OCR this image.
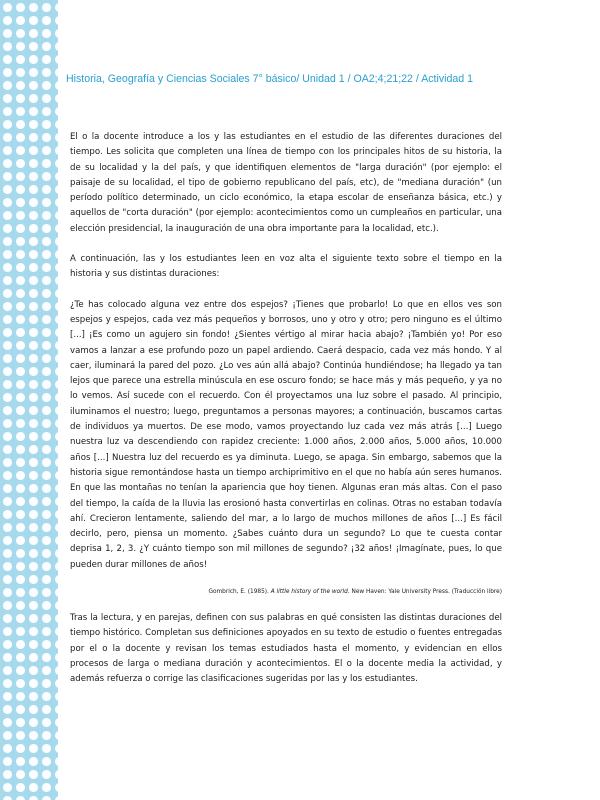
Historia, Geografía y Ciencias Sociales 7° básico/ Unidad 1 / OA2;4;21;22 / Actividad 1

El o la docente introduce a los y las estudiantes en el estudio de las diferentes duraciones del tiempo. Les solicita que completen una línea de tiempo con los principales hitos de su historia, la de su localidad y la del país, y que identifiquen elementos de "larga duración" (por ejemplo: el paisaje de su localidad, el tipo de gobierno republicano del país, etc), de "mediana duración" (un período político determinado, un ciclo económico, la etapa escolar de enseñanza básica, etc.) y aquellos de "corta duración" (por ejemplo: acontecimientos como un cumpleaños en particular, una elección presidencial, la inauguración de una obra importante para la localidad, etc.).

A continuación, las y los estudiantes leen en voz alta el siguiente texto sobre el tiempo en la historia y sus distintas duraciones:

¿Te has colocado alguna vez entre dos espejos? ¡Tienes que probarlo! Lo que en ellos ves son espejos y espejos, cada vez más pequeños y borrosos, uno y otro y otro; pero ninguno es el último [...] ¡Es como un agujero sin fondo! ¿Sientes vértigo al mirar hacia abajo? ¡También yo! Por eso vamos a lanzar a ese profundo pozo un papel ardiendo. Caerá despacio, cada vez más hondo. Y al caer, iluminará la pared del pozo. ¿Lo ves aún allá abajo? Continúa hundiéndose; ha llegado ya tan lejos que parece una estrella minúscula en ese oscuro fondo; se hace más y más pequeño, y ya no lo vemos. Así sucede con el recuerdo. Con él proyectamos una luz sobre el pasado. Al principio, iluminamos el nuestro; luego, preguntamos a personas mayores; a continuación, buscamos cartas de individuos ya muertos. De ese modo, vamos proyectando luz cada vez más atrás [...] Luego nuestra luz va descendiendo con rapidez creciente: 1.000 años, 2.000 años, 5.000 años, 10.000 años [...] Nuestra luz del recuerdo es ya diminuta. Luego, se apaga. Sin embargo, sabemos que la historia sigue remontándose hasta un tiempo archiprimitivo en el que no había aún seres humanos. En que las montañas no tenían la apariencia que hoy tienen. Algunas eran más altas. Con el paso del tiempo, la caída de la lluvia las erosionó hasta convertirlas en colinas. Otras no estaban todavía ahí. Crecieron lentamente, saliendo del mar, a lo largo de muchos millones de años [...] Es fácil decirlo, pero, piensa un momento. ¿Sabes cuánto dura un segundo? Lo que te cuesta contar deprisa 1, 2, 3. ¿Y cuánto tiempo son mil millones de segundo? ¡32 años! ¡Imagínate, pues, lo que pueden durar millones de años!

Gombrich, E. (1985). A little history of the world. New Haven: Yale University Press. (Traducción libre)

Tras la lectura, y en parejas, definen con sus palabras en qué consisten las distintas duraciones del tiempo histórico. Completan sus definiciones apoyados en su texto de estudio o fuentes entregadas por el o la docente y revisan los temas estudiados hasta el momento, y evidencian en ellos procesos de larga o mediana duración y acontecimientos. El o la docente media la actividad, y además refuerza o corrige las clasificaciones sugeridas por las y los estudiantes.
